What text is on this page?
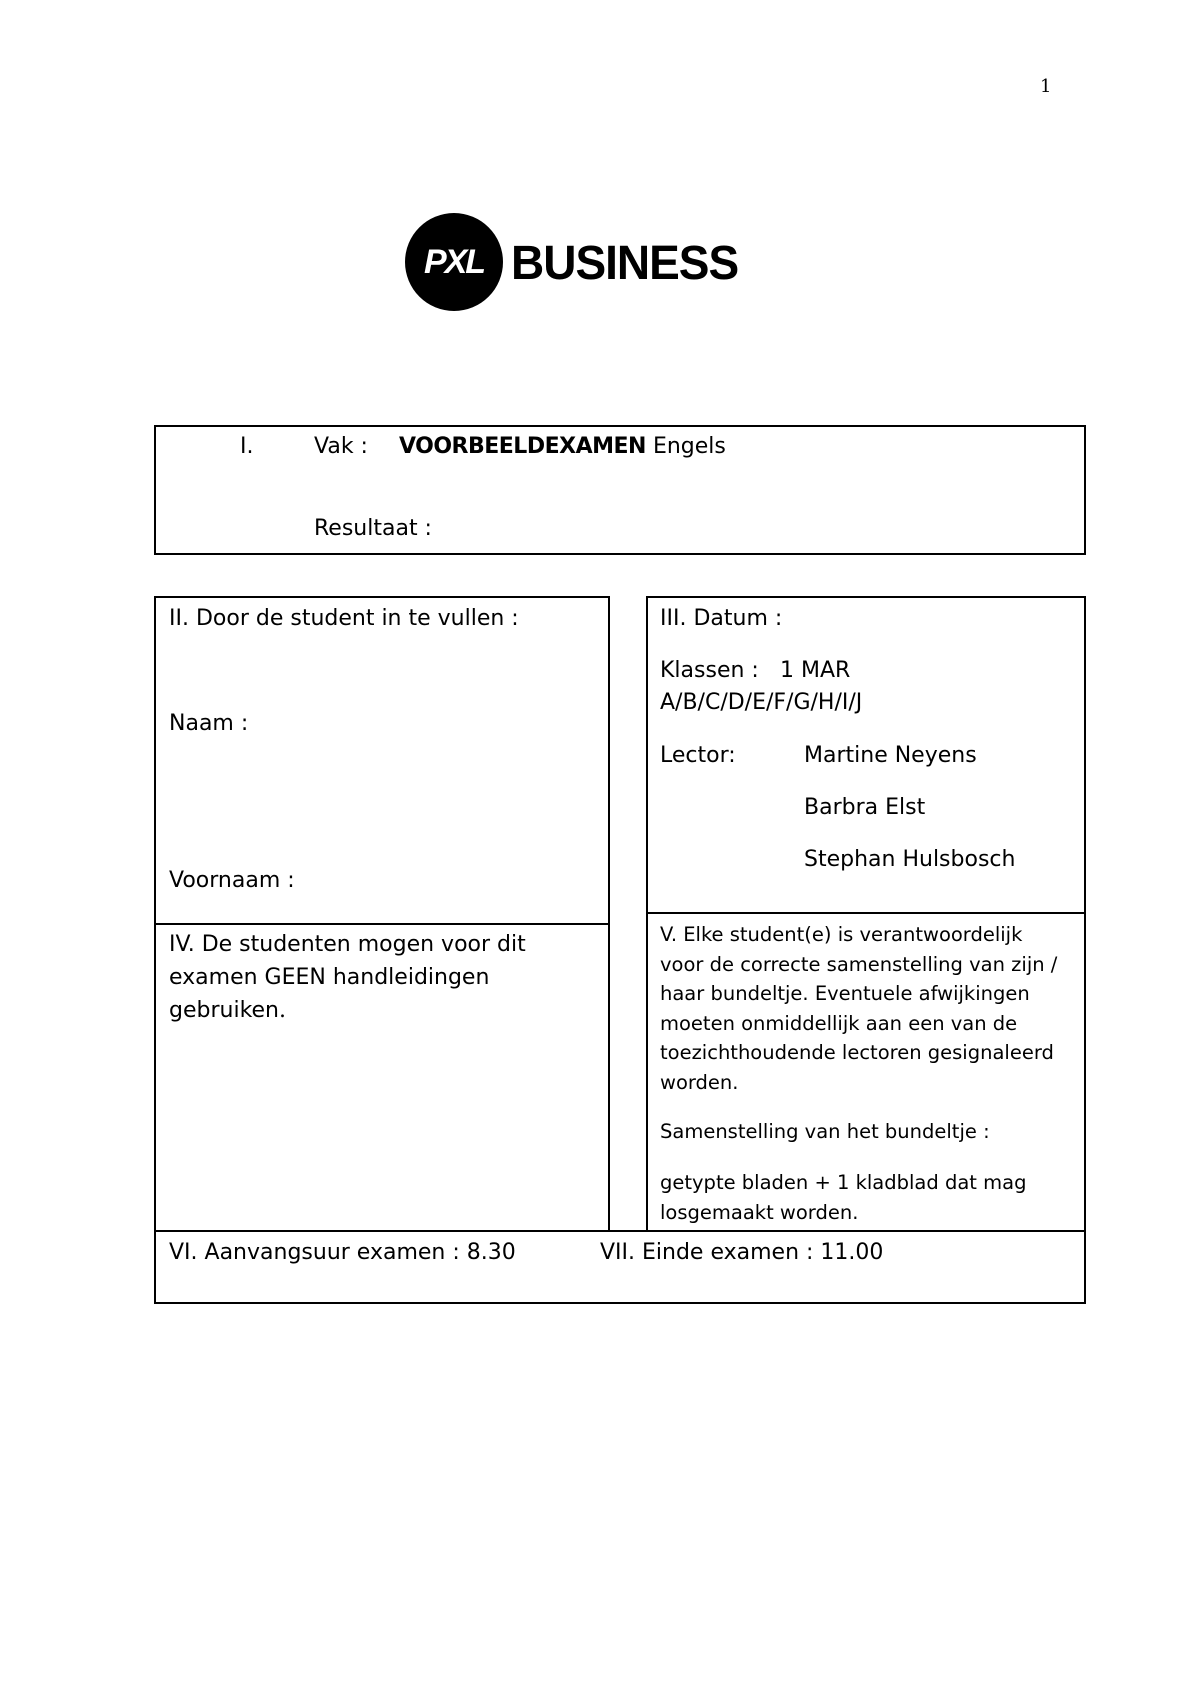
1
PXL BUSINESS
I.	Vak : VOORBEELDEXAMEN Engels
Resultaat :
II. Door de student in te vullen :
Naam :
Voornaam :
IV. De studenten mogen voor dit
examen GEEN handleidingen
gebruiken.
III. Datum :
Klassen : 1 MAR
A/B/C/D/E/F/G/H/I/J
Lector:	Martine Neyens
Barbra Elst
Stephan Hulsbosch
V. Elke student(e) is verantwoordelijk voor de correcte samenstelling van zijn / haar bundeltje. Eventuele afwijkingen moeten onmiddellijk aan een van de toezichthoudende lectoren gesignaleerd worden.
Samenstelling van het bundeltje :
getypte bladen + 1 kladblad dat mag losgemaakt worden.
VI. Aanvangsuur examen : 8.30	VII. Einde examen : 11.00
